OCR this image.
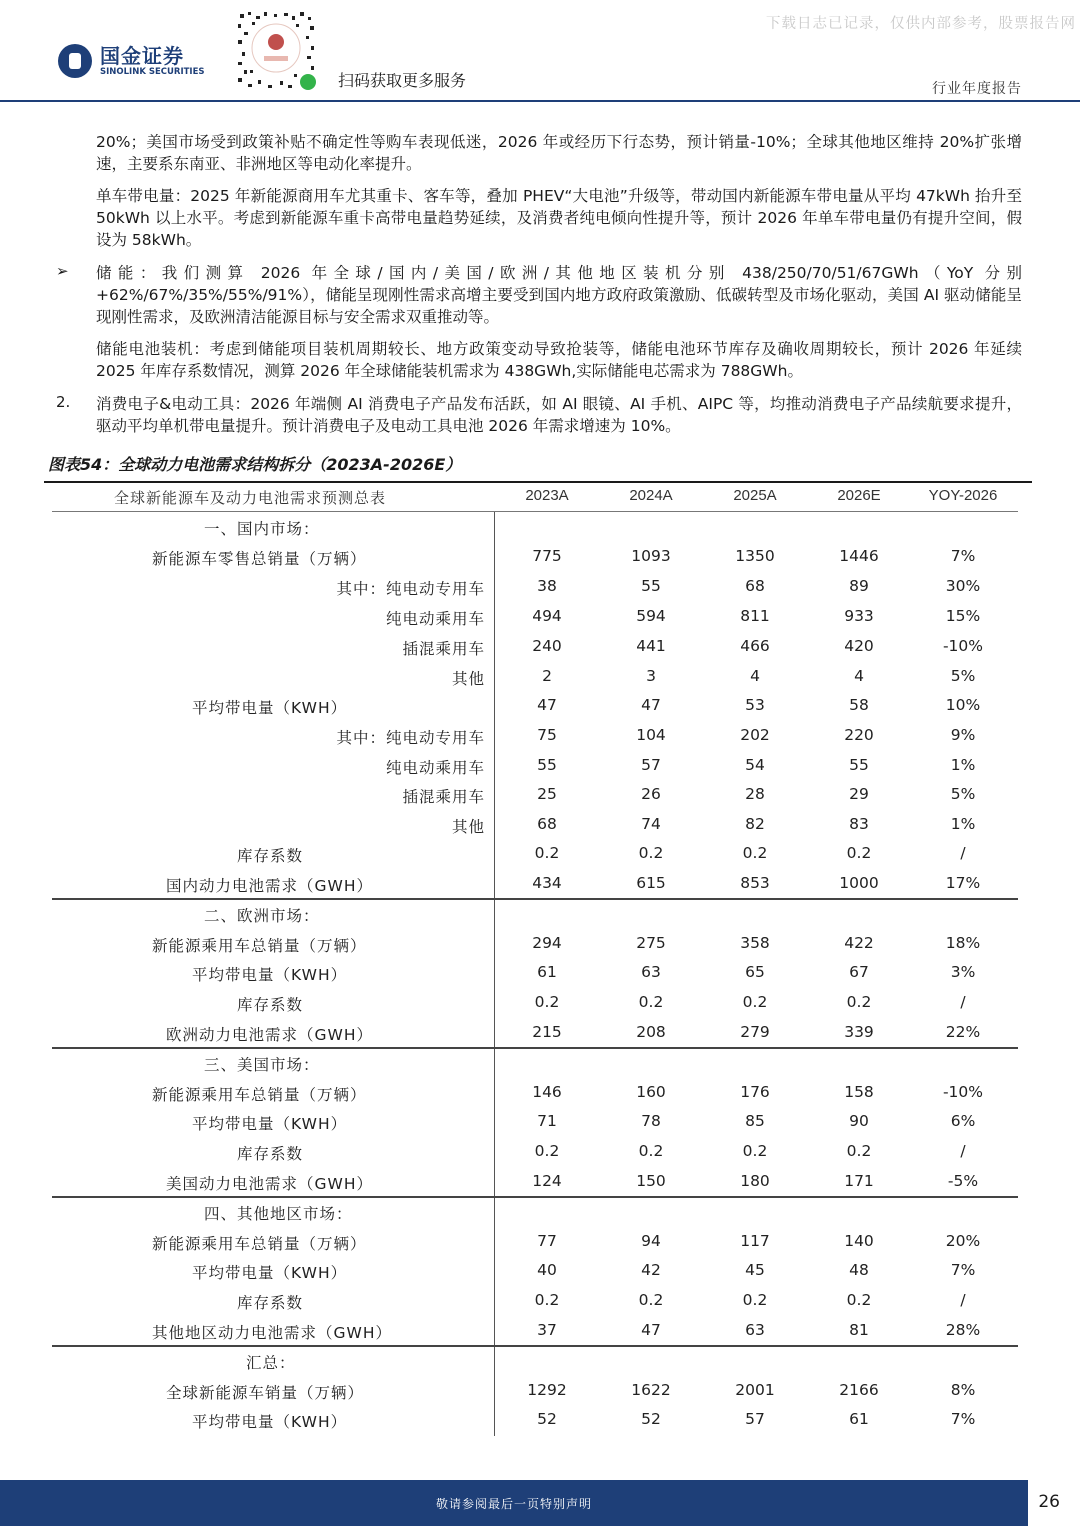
国金证券
SINOLINK SECURITIES	扫码获取更多服务
下载日志已记录，仅供内部参考，股票报告网
行业年度报告
20%；美国市场受到政策补贴不确定性等购车表现低迷，2026 年或经历下行态势，预计销量-10%；全球其他地区维持 20%扩张增速，主要系东南亚、非洲地区等电动化率提升。
单车带电量：2025 年新能源商用车尤其重卡、客车等，叠加 PHEV“大电池”升级等，带动国内新能源车带电量从平均 47kWh 抬升至 50kWh 以上水平。考虑到新能源车重卡高带电量趋势延续，及消费者纯电倾向性提升等，预计 2026 年单车带电量仍有提升空间，假设为 58kWh。
➢ 储能：我们测算 2026 年全球/国内/美国/欧洲/其他地区装机分别 438/250/70/51/67GWh（YoY 分别+62%/67%/35%/55%/91%），储能呈现刚性需求高增主要受到国内地方政府政策激励、低碳转型及市场化驱动，美国 AI 驱动储能呈现刚性需求，及欧洲清洁能源目标与安全需求双重推动等。
储能电池装机：考虑到储能项目装机周期较长、地方政策变动导致抢装等，储能电池环节库存及确收周期较长，预计 2026 年延续 2025 年库存系数情况，测算 2026 年全球储能装机需求为 438GWh,实际储能电芯需求为 788GWh。
2. 消费电子&电动工具：2026 年端侧 AI 消费电子产品发布活跃，如 AI 眼镜、AI 手机、AIPC 等，均推动消费电子产品续航要求提升，驱动平均单机带电量提升。预计消费电子及电动工具电池 2026 年需求增速为 10%。
图表54：全球动力电池需求结构拆分（2023A-2026E）
全球新能源车及动力电池需求预测总表	2023A	2024A	2025A	2026E	YOY-2026
一、国内市场：
新能源车零售总销量（万辆）	775	1093	1350	1446	7%
其中：纯电动专用车	38	55	68	89	30%
纯电动乘用车	494	594	811	933	15%
插混乘用车	240	441	466	420	-10%
其他	2	3	4	4	5%
平均带电量（KWH）	47	47	53	58	10%
其中：纯电动专用车	75	104	202	220	9%
纯电动乘用车	55	57	54	55	1%
插混乘用车	25	26	28	29	5%
其他	68	74	82	83	1%
库存系数	0.2	0.2	0.2	0.2	/
国内动力电池需求（GWH）	434	615	853	1000	17%
二、欧洲市场：
新能源乘用车总销量（万辆）	294	275	358	422	18%
平均带电量（KWH）	61	63	65	67	3%
库存系数	0.2	0.2	0.2	0.2	/
欧洲动力电池需求（GWH）	215	208	279	339	22%
三、美国市场：
新能源乘用车总销量（万辆）	146	160	176	158	-10%
平均带电量（KWH）	71	78	85	90	6%
库存系数	0.2	0.2	0.2	0.2	/
美国动力电池需求（GWH）	124	150	180	171	-5%
四、其他地区市场：
新能源乘用车总销量（万辆）	77	94	117	140	20%
平均带电量（KWH）	40	42	45	48	7%
库存系数	0.2	0.2	0.2	0.2	/
其他地区动力电池需求（GWH）	37	47	63	81	28%
汇总：
全球新能源车销量（万辆）	1292	1622	2001	2166	8%
平均带电量（KWH）	52	52	57	61	7%
敬请参阅最后一页特别声明	26
